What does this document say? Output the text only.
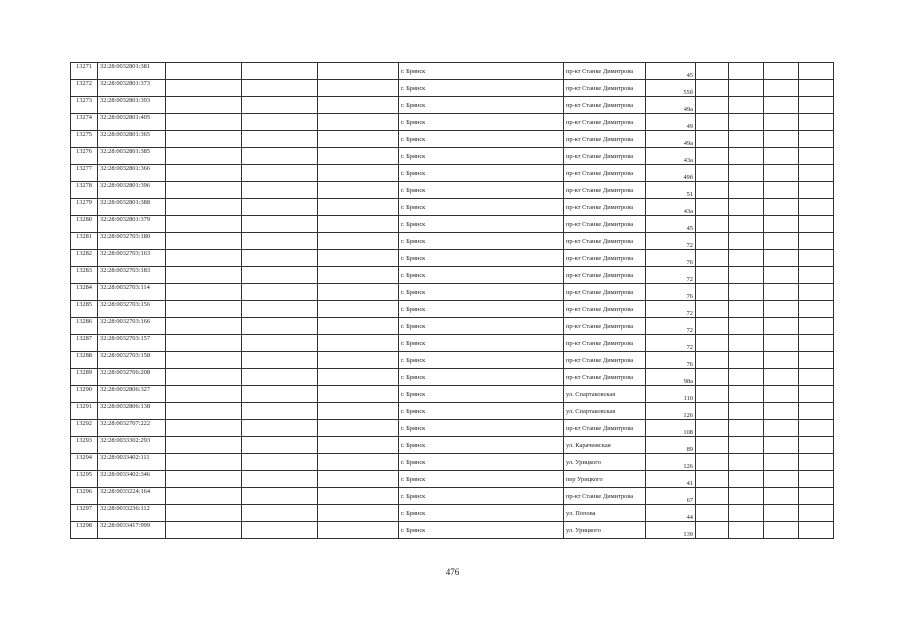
13271	32:28:0032801:381				г. Брянск	пр-кт Станке Димитрова	45				
13272	32:28:0032801:373				г. Брянск	пр-кт Станке Димитрова	55б				
13273	32:28:0032801:393				г. Брянск	пр-кт Станке Димитрова	49а				
13274	32:28:0032801:405				г. Брянск	пр-кт Станке Димитрова	49				
13275	32:28:0032801:365				г. Брянск	пр-кт Станке Димитрова	49а				
13276	32:28:0032801:385				г. Брянск	пр-кт Станке Димитрова	43а				
13277	32:28:0032801:366				г. Брянск	пр-кт Станке Димитрова	49б				
13278	32:28:0032801:396				г. Брянск	пр-кт Станке Димитрова	51				
13279	32:28:0032801:388				г. Брянск	пр-кт Станке Димитрова	43а				
13280	32:28:0032801:379				г. Брянск	пр-кт Станке Димитрова	45				
13281	32:28:0032703:180				г. Брянск	пр-кт Станке Димитрова	72				
13282	32:28:0032703:163				г. Брянск	пр-кт Станке Димитрова	76				
13283	32:28:0032703:183				г. Брянск	пр-кт Станке Димитрова	72				
13284	32:28:0032703:114				г. Брянск	пр-кт Станке Димитрова	76				
13285	32:28:0032703:156				г. Брянск	пр-кт Станке Димитрова	72				
13286	32:28:0032703:166				г. Брянск	пр-кт Станке Димитрова	72				
13287	32:28:0032703:157				г. Брянск	пр-кт Станке Димитрова	72				
13288	32:28:0032703:158				г. Брянск	пр-кт Станке Димитрова	76				
13289	32:28:0032706:208				г. Брянск	пр-кт Станке Димитрова	98а				
13290	32:28:0032806:327				г. Брянск	ул. Спартаковская	110				
13291	32:28:0032806:138				г. Брянск	ул. Спартаковская	126				
13292	32:28:0032707:222				г. Брянск	пр-кт Станке Димитрова	108				
13293	32:28:0033302:293				г. Брянск	ул. Карачижская	89				
13294	32:28:0033402:111				г. Брянск	ул. Урицкого	126				
13295	32:28:0033402:346				г. Брянск	пер Урицкого	41				
13296	32:28:0033224:164				г. Брянск	пр-кт Станке Димитрова	67				
13297	32:28:0033236:112				г. Брянск	ул. Попова	44				
13298	32:28:0033417:999				г. Брянск	ул. Урицкого	139				
476
